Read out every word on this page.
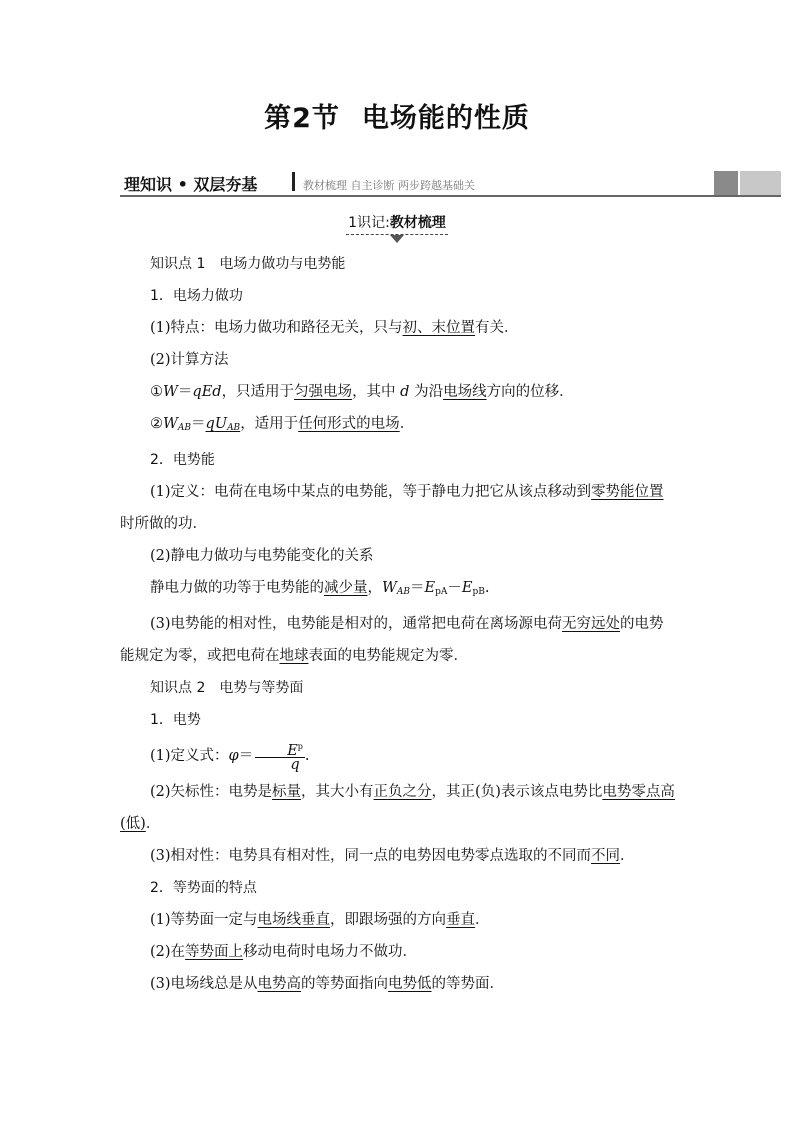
第2节 电场能的性质
理知识 • 双层夯基	教材梳理 自主诊断 两步跨越基础关
1识记:教材梳理

知识点 1　电场力做功与电势能

1．电场力做功

(1)特点：电场力做功和路径无关，只与初、末位置有关．

(2)计算方法

①W＝qEd，只适用于匀强电场，其中 d 为沿电场线方向的位移．

$②W_{AB}=qU_{AB}$，适用于任何形式的电场．

2．电势能

(1)定义：电荷在电场中某点的电势能，等于静电力把它从该点移动到零势能位置时所做的功．

(2)静电力做功与电势能变化的关系

静电力做的功等于电势能的减少量，$W_{AB}=E_{pA}-E_{pB}$.

(3)电势能的相对性，电势能是相对的，通常把电荷在离场源电荷无穷远处的电势能规定为零，或把电荷在地球表面的电势能规定为零．

知识点 2　电势与等势面

1．电势

(1)定义式：$\varphi= \frac{E^p}{q}$ .

(2)矢标性：电势是标量，其大小有正负之分，其正(负)表示该点电势比电势零点高(低)．

(3)相对性：电势具有相对性，同一点的电势因电势零点选取的不同而不同．

2．等势面的特点

(1)等势面一定与电场线垂直，即跟场强的方向垂直．

(2)在等势面上移动电荷时电场力不做功．

(3)电场线总是从电势高的等势面指向电势低的等势面．
